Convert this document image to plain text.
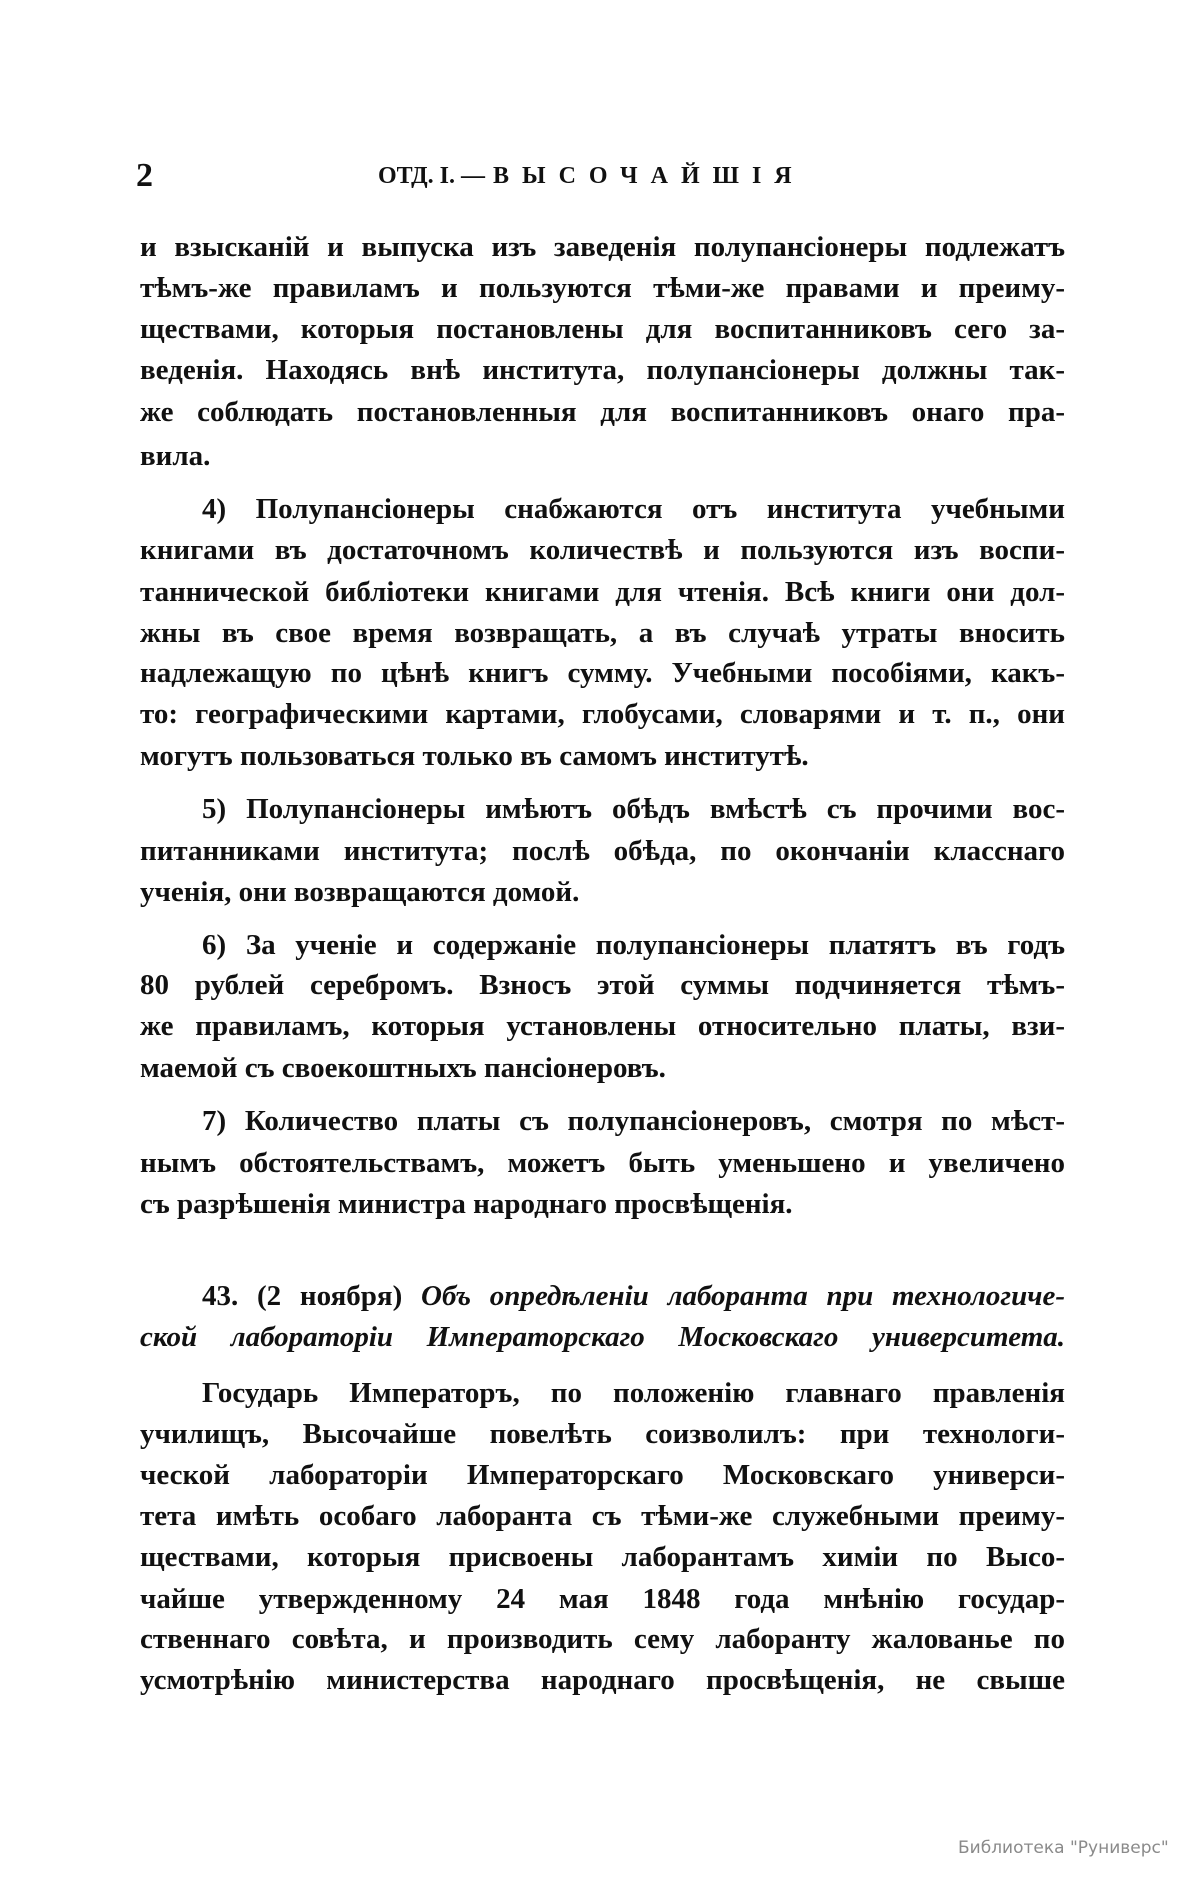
2	ОТД. I. — ВЫСОЧАЙШІЯ
и взысканій и выпуска изъ заведенія полупансіонеры подлежатъ
тѣмъ-же правиламъ и пользуются тѣми-же правами и преиму-
ществами, которыя постановлены для воспитанниковъ сего за-
веденія. Находясь внѣ института, полупансіонеры должны так-
же соблюдать постановленныя для воспитанниковъ онаго пра-
вила.
4) Полупансіонеры снабжаются отъ института учебными
книгами въ достаточномъ количествѣ и пользуются изъ воспи-
таннической библіотеки книгами для чтенія. Всѣ книги они дол-
жны въ свое время возвращать, а въ случаѣ утраты вносить
надлежащую по цѣнѣ книгъ сумму. Учебными пособіями, какъ-
то: географическими картами, глобусами, словарями и т. п., они
могутъ пользоваться только въ самомъ институтѣ.
5) Полупансіонеры имѣютъ обѣдъ вмѣстѣ съ прочими вос-
питанниками института; послѣ обѣда, по окончаніи класснаго
ученія, они возвращаются домой.
6) За ученіе и содержаніе полупансіонеры платятъ въ годъ
80 рублей серебромъ. Взносъ этой суммы подчиняется тѣмъ-
же правиламъ, которыя установлены относительно платы, взи-
маемой съ своекоштныхъ пансіонеровъ.
7) Количество платы съ полупансіонеровъ, смотря по мѣст-
нымъ обстоятельствамъ, можетъ быть уменьшено и увеличено
съ разрѣшенія министра народнаго просвѣщенія.
43. (2 ноября) Объ опредѣленіи лаборанта при технологиче-
ской лабораторіи Императорскаго Московскаго университета.
Государь Императоръ, по положенію главнаго правленія
училищъ, Высочайше повелѣть соизволилъ: при технологи-
ческой лабораторіи Императорскаго Московскаго универси-
тета имѣть особаго лаборанта съ тѣми-же служебными преиму-
ществами, которыя присвоены лаборантамъ химіи по Высо-
чайше утвержденному 24 мая 1848 года мнѣнію государ-
ственнаго совѣта, и производить сему лаборанту жалованье по
усмотрѣнію министерства народнаго просвѣщенія, не свыше
Библиотека "Руниверс"
